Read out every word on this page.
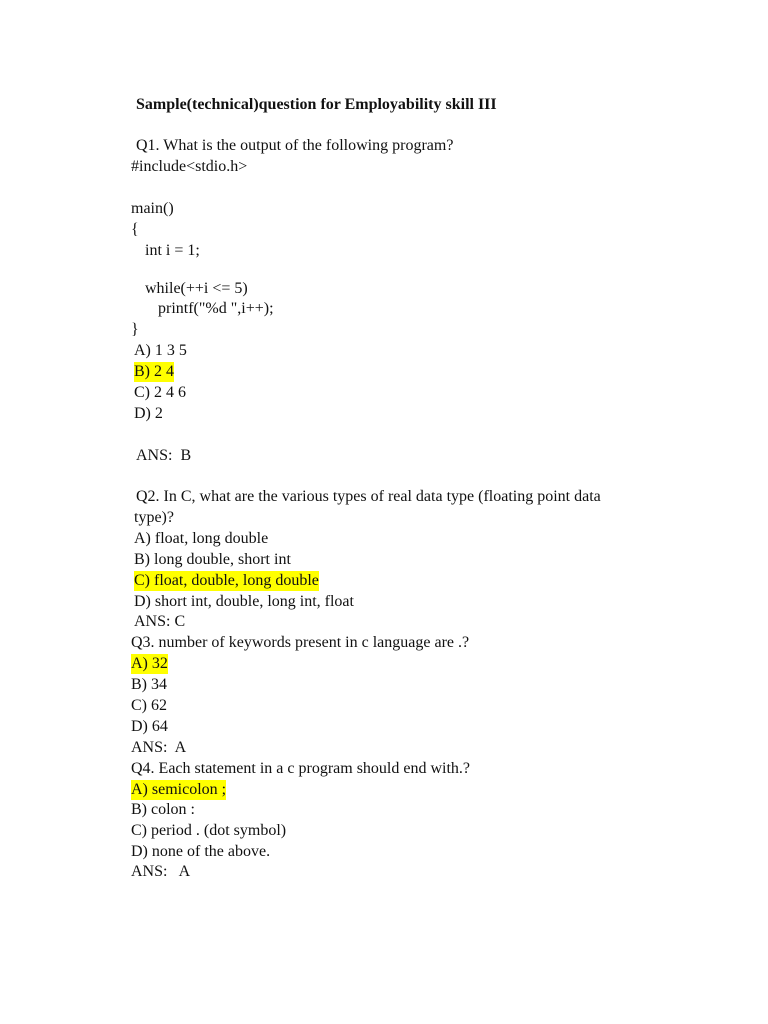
Sample(technical)question for Employability skill III
Q1. What is the output of the following program?
#include<stdio.h>
main()
{
int i = 1;
while(++i <= 5)
printf("%d ",i++);
}
A) 1 3 5
B) 2 4
C) 2 4 6
D) 2
ANS:  B
Q2. In C, what are the various types of real data type (floating point data
type)?
A) float, long double
B) long double, short int
C) float, double, long double
D) short int, double, long int, float
ANS: C
Q3. number of keywords present in c language are .?
A) 32
B) 34
C) 62
D) 64
ANS:  A
Q4. Each statement in a c program should end with.?
A) semicolon ;
B) colon :
C) period . (dot symbol)
D) none of the above.
ANS:   A
